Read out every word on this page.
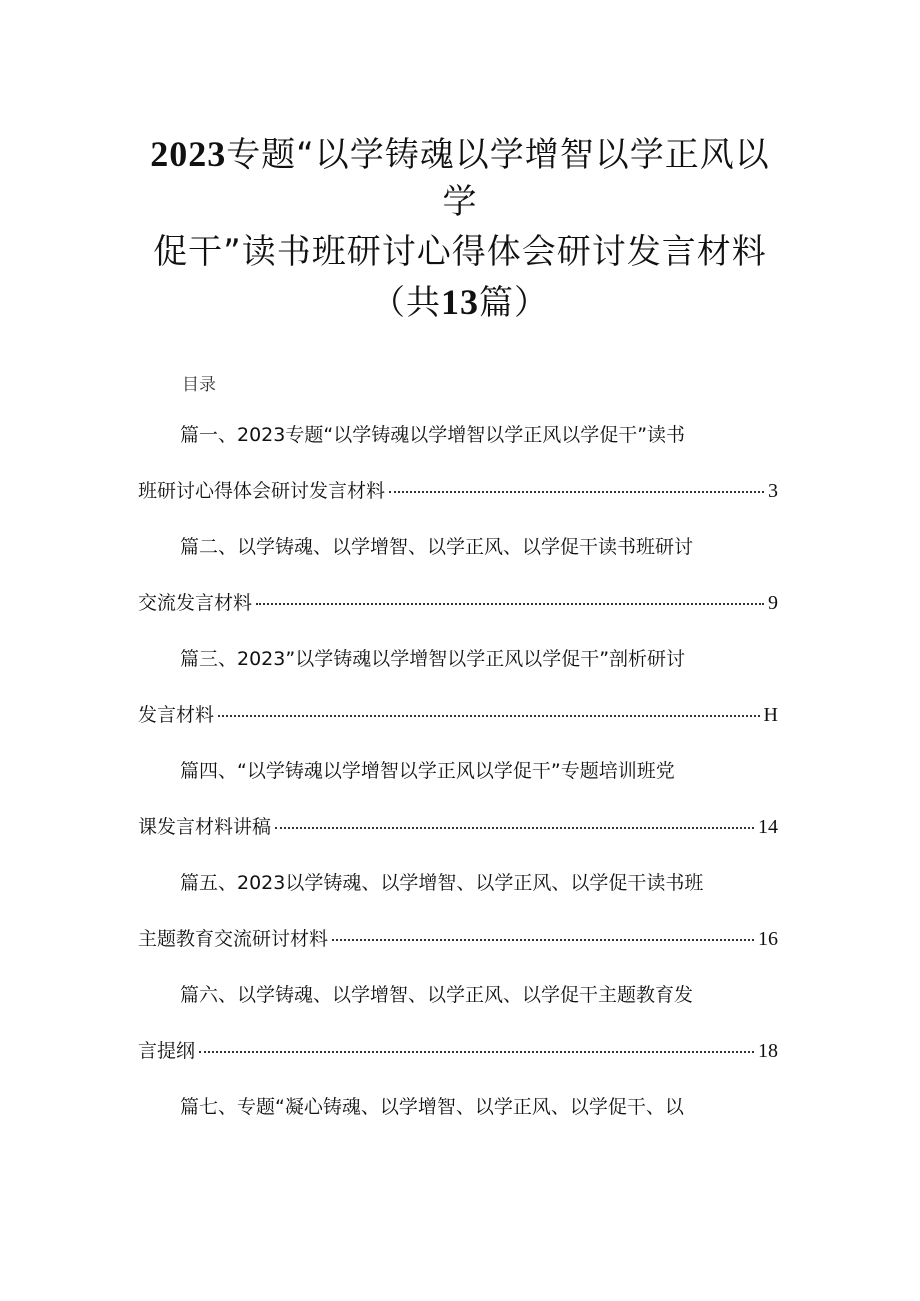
2023专题“以学铸魂以学增智以学正风以
学
促干”读书班研讨心得体会研讨发言材料
（共13篇）
目录
篇一、2023专题“以学铸魂以学增智以学正风以学促干”读书
班研讨心得体会研讨发言材料	3
篇二、以学铸魂、以学增智、以学正风、以学促干读书班研讨
交流发言材料	9
篇三、2023”以学铸魂以学增智以学正风以学促干”剖析研讨
发言材料	H
篇四、“以学铸魂以学增智以学正风以学促干”专题培训班党
课发言材料讲稿	14
篇五、2023以学铸魂、以学增智、以学正风、以学促干读书班
主题教育交流研讨材料	16
篇六、以学铸魂、以学增智、以学正风、以学促干主题教育发
言提纲	18
篇七、专题“凝心铸魂、以学增智、以学正风、以学促干、以
